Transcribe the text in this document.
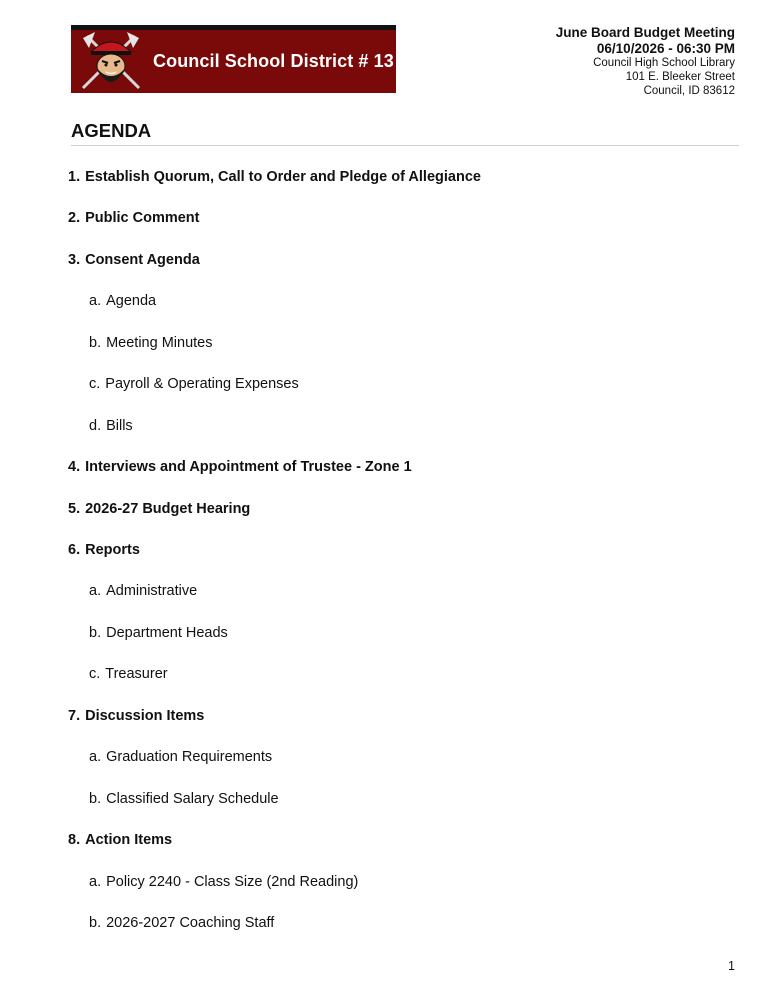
Council School District # 13
June Board Budget Meeting
06/10/2026 - 06:30 PM
Council High School Library
101 E. Bleeker Street
Council, ID 83612
AGENDA
1. Establish Quorum, Call to Order and Pledge of Allegiance
2. Public Comment
3. Consent Agenda
a. Agenda
b. Meeting Minutes
c. Payroll & Operating Expenses
d. Bills
4. Interviews and Appointment of Trustee - Zone 1
5. 2026-27 Budget Hearing
6. Reports
a. Administrative
b. Department Heads
c. Treasurer
7. Discussion Items
a. Graduation Requirements
b. Classified Salary Schedule
8. Action Items
a. Policy 2240 - Class Size (2nd Reading)
b. 2026-2027 Coaching Staff
1
